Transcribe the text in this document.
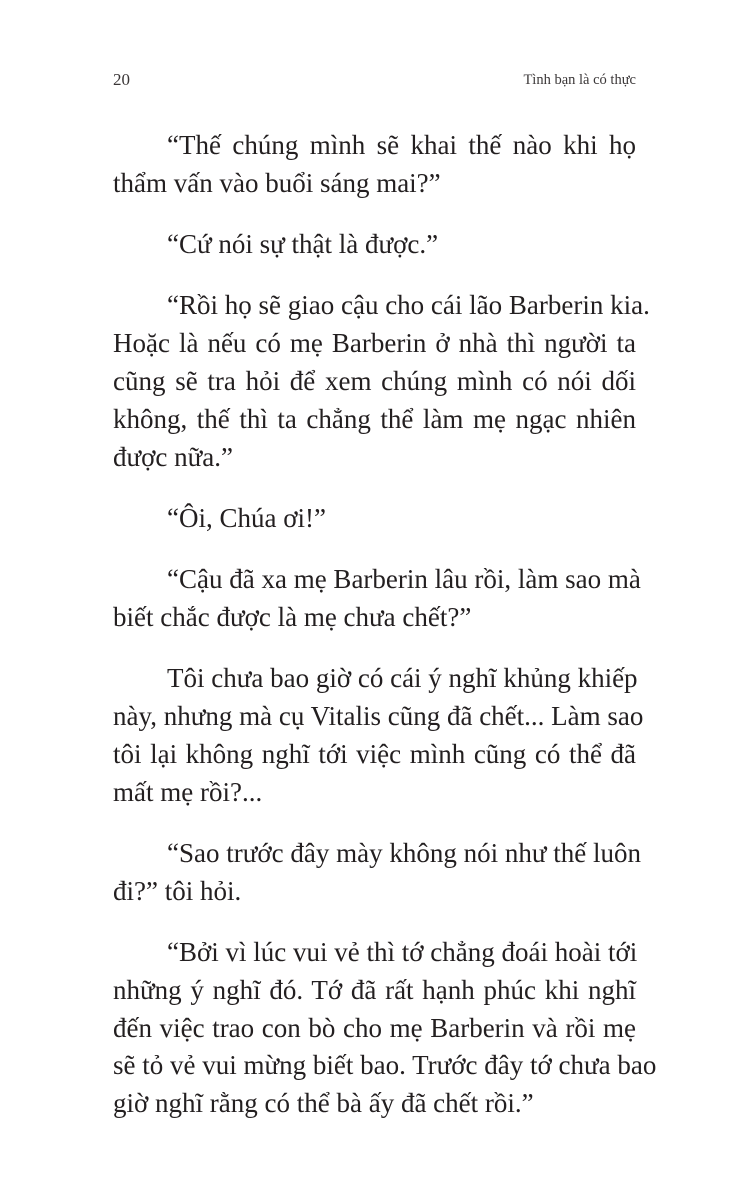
20	Tình bạn là có thực

“Thế chúng mình sẽ khai thế nào khi họ
thẩm vấn vào buổi sáng mai?”

“Cứ nói sự thật là được.”

“Rồi họ sẽ giao cậu cho cái lão Barberin kia.
Hoặc là nếu có mẹ Barberin ở nhà thì người ta
cũng sẽ tra hỏi để xem chúng mình có nói dối
không, thế thì ta chẳng thể làm mẹ ngạc nhiên
được nữa.”

“Ôi, Chúa ơi!”

“Cậu đã xa mẹ Barberin lâu rồi, làm sao mà
biết chắc được là mẹ chưa chết?”

Tôi chưa bao giờ có cái ý nghĩ khủng khiếp
này, nhưng mà cụ Vitalis cũng đã chết... Làm sao
tôi lại không nghĩ tới việc mình cũng có thể đã
mất mẹ rồi?...

“Sao trước đây mày không nói như thế luôn
đi?” tôi hỏi.

“Bởi vì lúc vui vẻ thì tớ chẳng đoái hoài tới
những ý nghĩ đó. Tớ đã rất hạnh phúc khi nghĩ
đến việc trao con bò cho mẹ Barberin và rồi mẹ
sẽ tỏ vẻ vui mừng biết bao. Trước đây tớ chưa bao
giờ nghĩ rằng có thể bà ấy đã chết rồi.”
